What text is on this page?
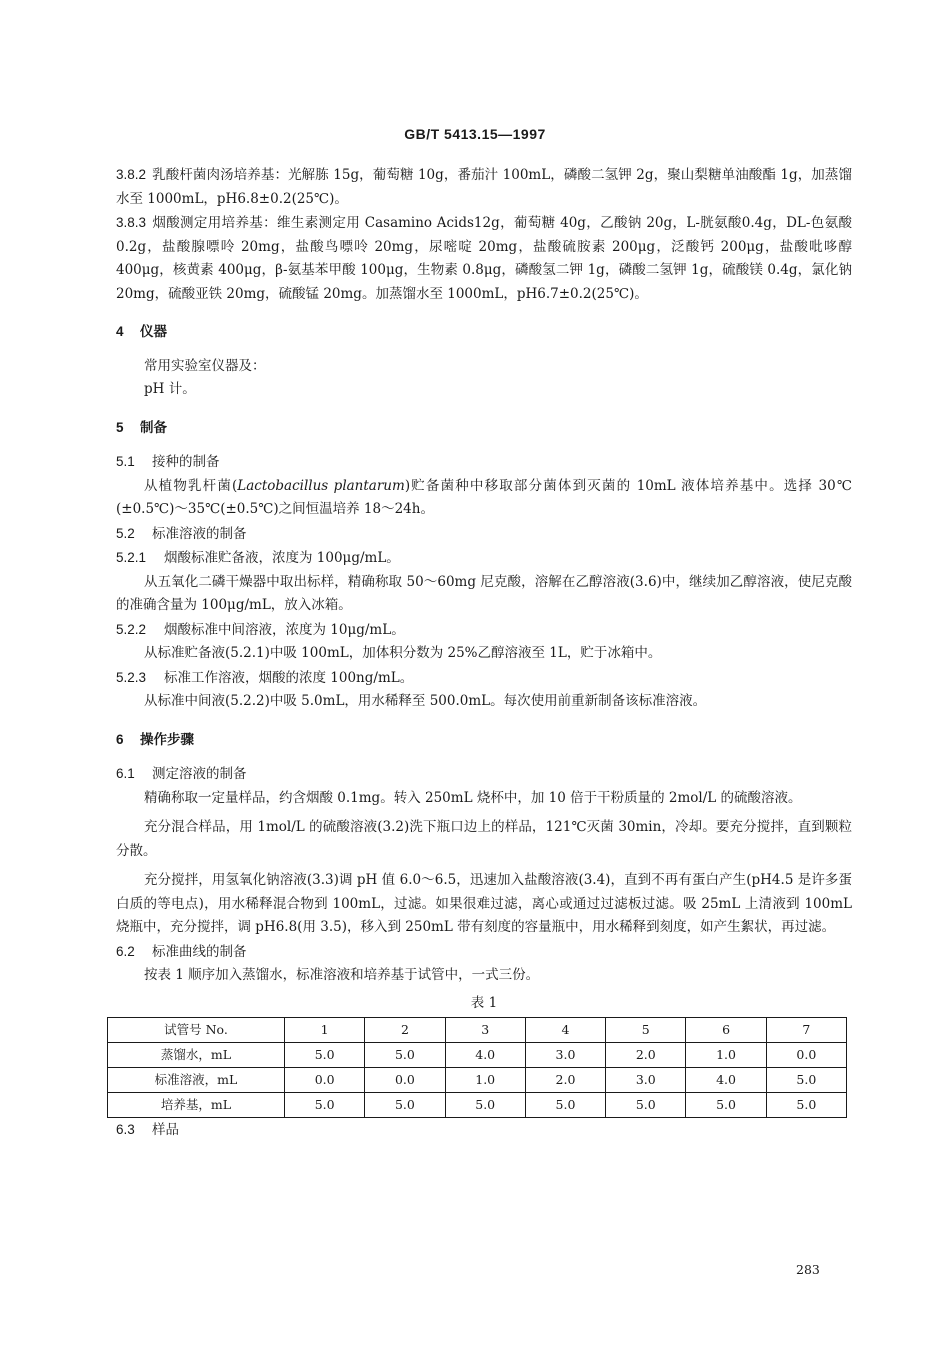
GB/T 5413.15—1997

3.8.2 乳酸杆菌肉汤培养基：光解胨 15g，葡萄糖 10g，番茄汁 100mL，磷酸二氢钾 2g，聚山梨糖单油酸酯 1g，加蒸馏水至 1000mL，pH6.8±0.2(25℃)。

3.8.3 烟酸测定用培养基：维生素测定用 Casamino Acids12g，葡萄糖 40g，乙酸钠 20g，L-胱氨酸0.4g，DL-色氨酸 0.2g，盐酸腺嘌呤 20mg，盐酸鸟嘌呤 20mg，尿嘧啶 20mg，盐酸硫胺素 200μg，泛酸钙 200μg，盐酸吡哆醇 400μg，核黄素 400μg，β-氨基苯甲酸 100μg，生物素 0.8μg，磷酸氢二钾 1g，磷酸二氢钾 1g，硫酸镁 0.4g，氯化钠 20mg，硫酸亚铁 20mg，硫酸锰 20mg。加蒸馏水至 1000mL，pH6.7±0.2(25℃)。

4 仪器

常用实验室仪器及：

pH 计。

5 制备

5.1 接种的制备

从植物乳杆菌(Lactobacillus plantarum)贮备菌种中移取部分菌体到灭菌的 10mL 液体培养基中。选择 30℃(±0.5℃)～35℃(±0.5℃)之间恒温培养 18～24h。

5.2 标准溶液的制备

5.2.1 烟酸标准贮备液，浓度为 100μg/mL。

从五氧化二磷干燥器中取出标样，精确称取 50～60mg 尼克酸，溶解在乙醇溶液(3.6)中，继续加乙醇溶液，使尼克酸的准确含量为 100μg/mL，放入冰箱。

5.2.2 烟酸标准中间溶液，浓度为 10μg/mL。

从标准贮备液(5.2.1)中吸 100mL，加体积分数为 25%乙醇溶液至 1L，贮于冰箱中。

5.2.3 标准工作溶液，烟酸的浓度 100ng/mL。

从标准中间液(5.2.2)中吸 5.0mL，用水稀释至 500.0mL。每次使用前重新制备该标准溶液。

6 操作步骤

6.1 测定溶液的制备

精确称取一定量样品，约含烟酸 0.1mg。转入 250mL 烧杯中，加 10 倍于干粉质量的 2mol/L 的硫酸溶液。

充分混合样品，用 1mol/L 的硫酸溶液(3.2)洗下瓶口边上的样品，121℃灭菌 30min，冷却。要充分搅拌，直到颗粒分散。

充分搅拌，用氢氧化钠溶液(3.3)调 pH 值 6.0～6.5，迅速加入盐酸溶液(3.4)，直到不再有蛋白产生(pH4.5 是许多蛋白质的等电点)，用水稀释混合物到 100mL，过滤。如果很难过滤，离心或通过过滤板过滤。吸 25mL 上清液到 100mL 烧瓶中，充分搅拌，调 pH6.8(用 3.5)，移入到 250mL 带有刻度的容量瓶中，用水稀释到刻度，如产生絮状，再过滤。

6.2 标准曲线的制备

按表 1 顺序加入蒸馏水，标准溶液和培养基于试管中，一式三份。

表 1

试管号 No.	1	2	3	4	5	6	7
蒸馏水，mL	5.0	5.0	4.0	3.0	2.0	1.0	0.0
标准溶液，mL	0.0	0.0	1.0	2.0	3.0	4.0	5.0
培养基，mL	5.0	5.0	5.0	5.0	5.0	5.0	5.0

6.3 样品

283
